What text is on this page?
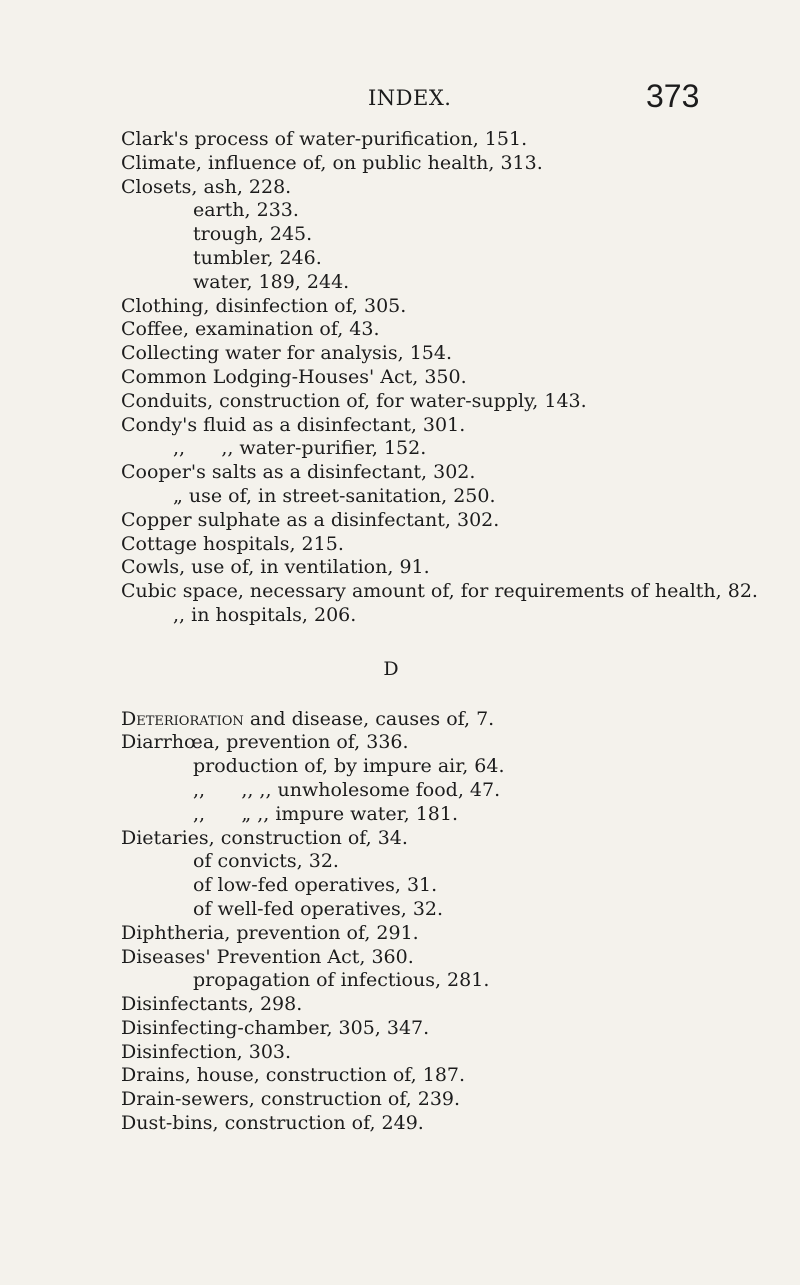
INDEX.	373

Clark's process of water-purification, 151.

Climate, influence of, on public health, 313.

Closets, ash, 228.

earth, 233.

trough, 245.

tumbler, 246.

water, 189, 244.

Clothing, disinfection of, 305.

Coffee, examination of, 43.

Collecting water for analysis, 154.

Common Lodging-Houses' Act, 350.

Conduits, construction of, for water-supply, 143.

Condy's fluid as a disinfectant, 301.

,,      ,, water-purifier, 152.

Cooper's salts as a disinfectant, 302.

„ use of, in street-sanitation, 250.

Copper sulphate as a disinfectant, 302.

Cottage hospitals, 215.

Cowls, use of, in ventilation, 91.

Cubic space, necessary amount of, for requirements of health, 82.

,, in hospitals, 206.

D

Deterioration and disease, causes of, 7.

Diarrhœa, prevention of, 336.

production of, by impure air, 64.

,,      ,, ,, unwholesome food, 47.

,,      „ ,, impure water, 181.

Dietaries, construction of, 34.

of convicts, 32.

of low-fed operatives, 31.

of well-fed operatives, 32.

Diphtheria, prevention of, 291.

Diseases' Prevention Act, 360.

propagation of infectious, 281.

Disinfectants, 298.

Disinfecting-chamber, 305, 347.

Disinfection, 303.

Drains, house, construction of, 187.

Drain-sewers, construction of, 239.

Dust-bins, construction of, 249.
